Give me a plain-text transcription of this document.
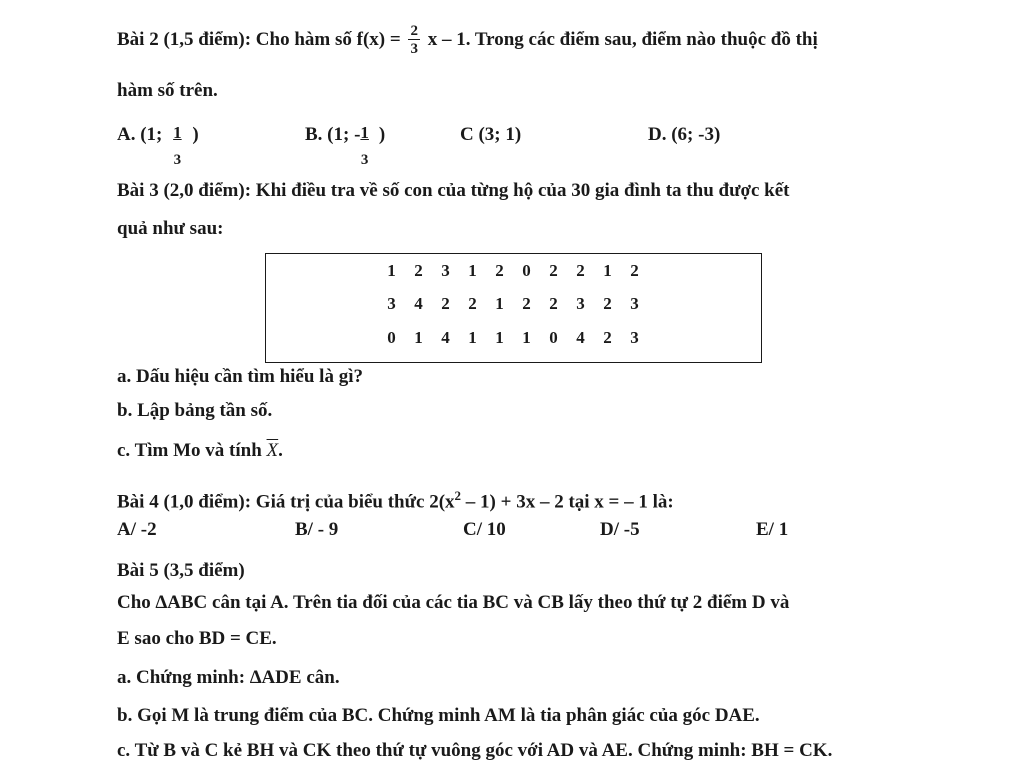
Bài 2 (1,5 điểm): Cho hàm số $f(x) = \frac{2}{3}$ x – 1. Trong các điểm sau, điểm nào thuộc đồ thị
hàm số trên.
A. (1; $\frac{1}{3}$ )	B. (1; - $\frac{1}{3}$ )	C (3; 1)	D. (6; -3)
Bài 3 (2,0 điểm): Khi điều tra về số con của từng hộ của 30 gia đình ta thu được kết
quả như sau:
1 2 3 1 2 0 2 2 1 2
3 4 2 2 1 2 2 3 2 3
0 1 4 1 1 1 0 4 2 3
a. Dấu hiệu cần tìm hiểu là gì?
b. Lập bảng tần số.
c. Tìm Mo và tính $\overline{X}$.
Bài 4 (1,0 điểm): Giá trị của biểu thức $2(x^2 - 1) + 3x - 2$ tại x = – 1 là:
A/ -2	B/ - 9	C/ 10	D/ -5	E/ 1
Bài 5 (3,5 điểm)
Cho ∆ABC cân tại A. Trên tia đối của các tia BC và CB lấy theo thứ tự 2 điểm D và
E sao cho BD = CE.
a. Chứng minh: ∆ADE cân.
b. Gọi M là trung điểm của BC. Chứng minh AM là tia phân giác của góc DAE.
c. Từ B và C kẻ BH và CK theo thứ tự vuông góc với AD và AE. Chứng minh: BH = CK.
